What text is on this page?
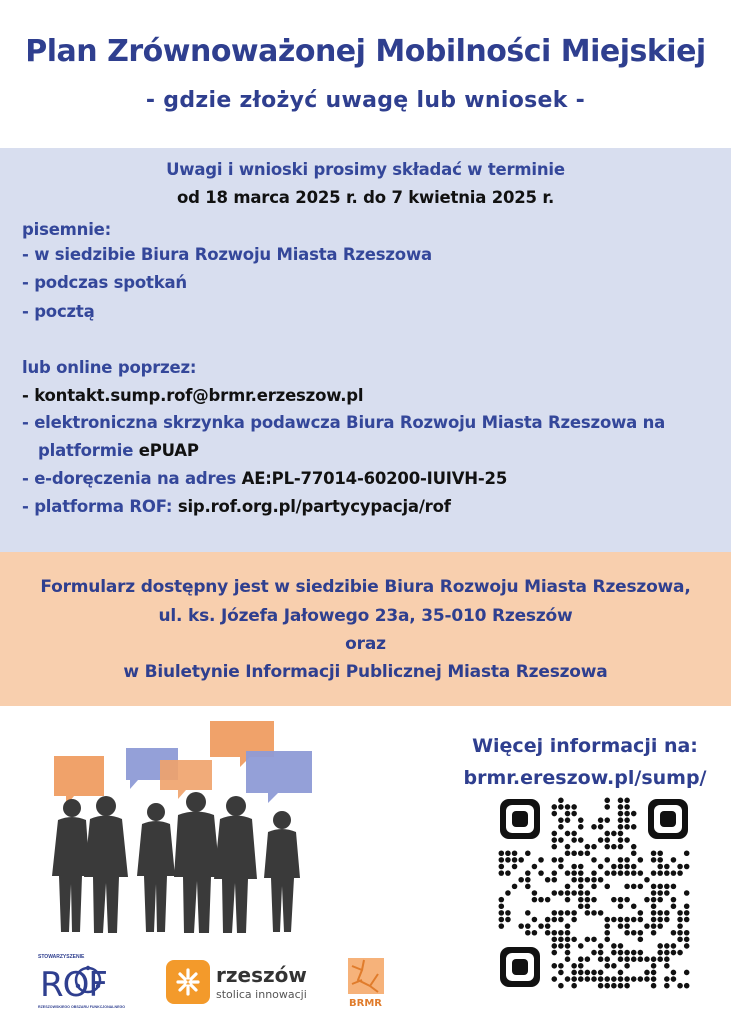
Plan Zrównoważonej Mobilności Miejskiej
- gdzie złożyć uwagę lub wniosek -
Uwagi i wnioski prosimy składać w terminie
od 18 marca 2025 r. do 7 kwietnia 2025 r.
pisemnie:
- w siedzibie Biura Rozwoju Miasta Rzeszowa
- podczas spotkań
- pocztą
lub online poprzez:
- kontakt.sump.rof@brmr.erzeszow.pl
- elektroniczna skrzynka podawcza Biura Rozwoju Miasta Rzeszowa na
platformie ePUAP
- e-doręczenia na adres AE:PL-77014-60200-IUIVH-25
- platforma ROF: sip.rof.org.pl/partycypacja/rof
Formularz dostępny jest w siedzibie Biura Rozwoju Miasta Rzeszowa,
ul. ks. Józefa Jałowego 23a, 35-010 Rzeszów
oraz
w Biuletynie Informacji Publicznej Miasta Rzeszowa
Więcej informacji na:
brmr.ereszow.pl/sump/
STOWARZYSZENIE
ROF
RZESZOWSKIEGO OBSZARU FUNKCJONALNEGO
rzeszów
stolica innowacji
BRMR
